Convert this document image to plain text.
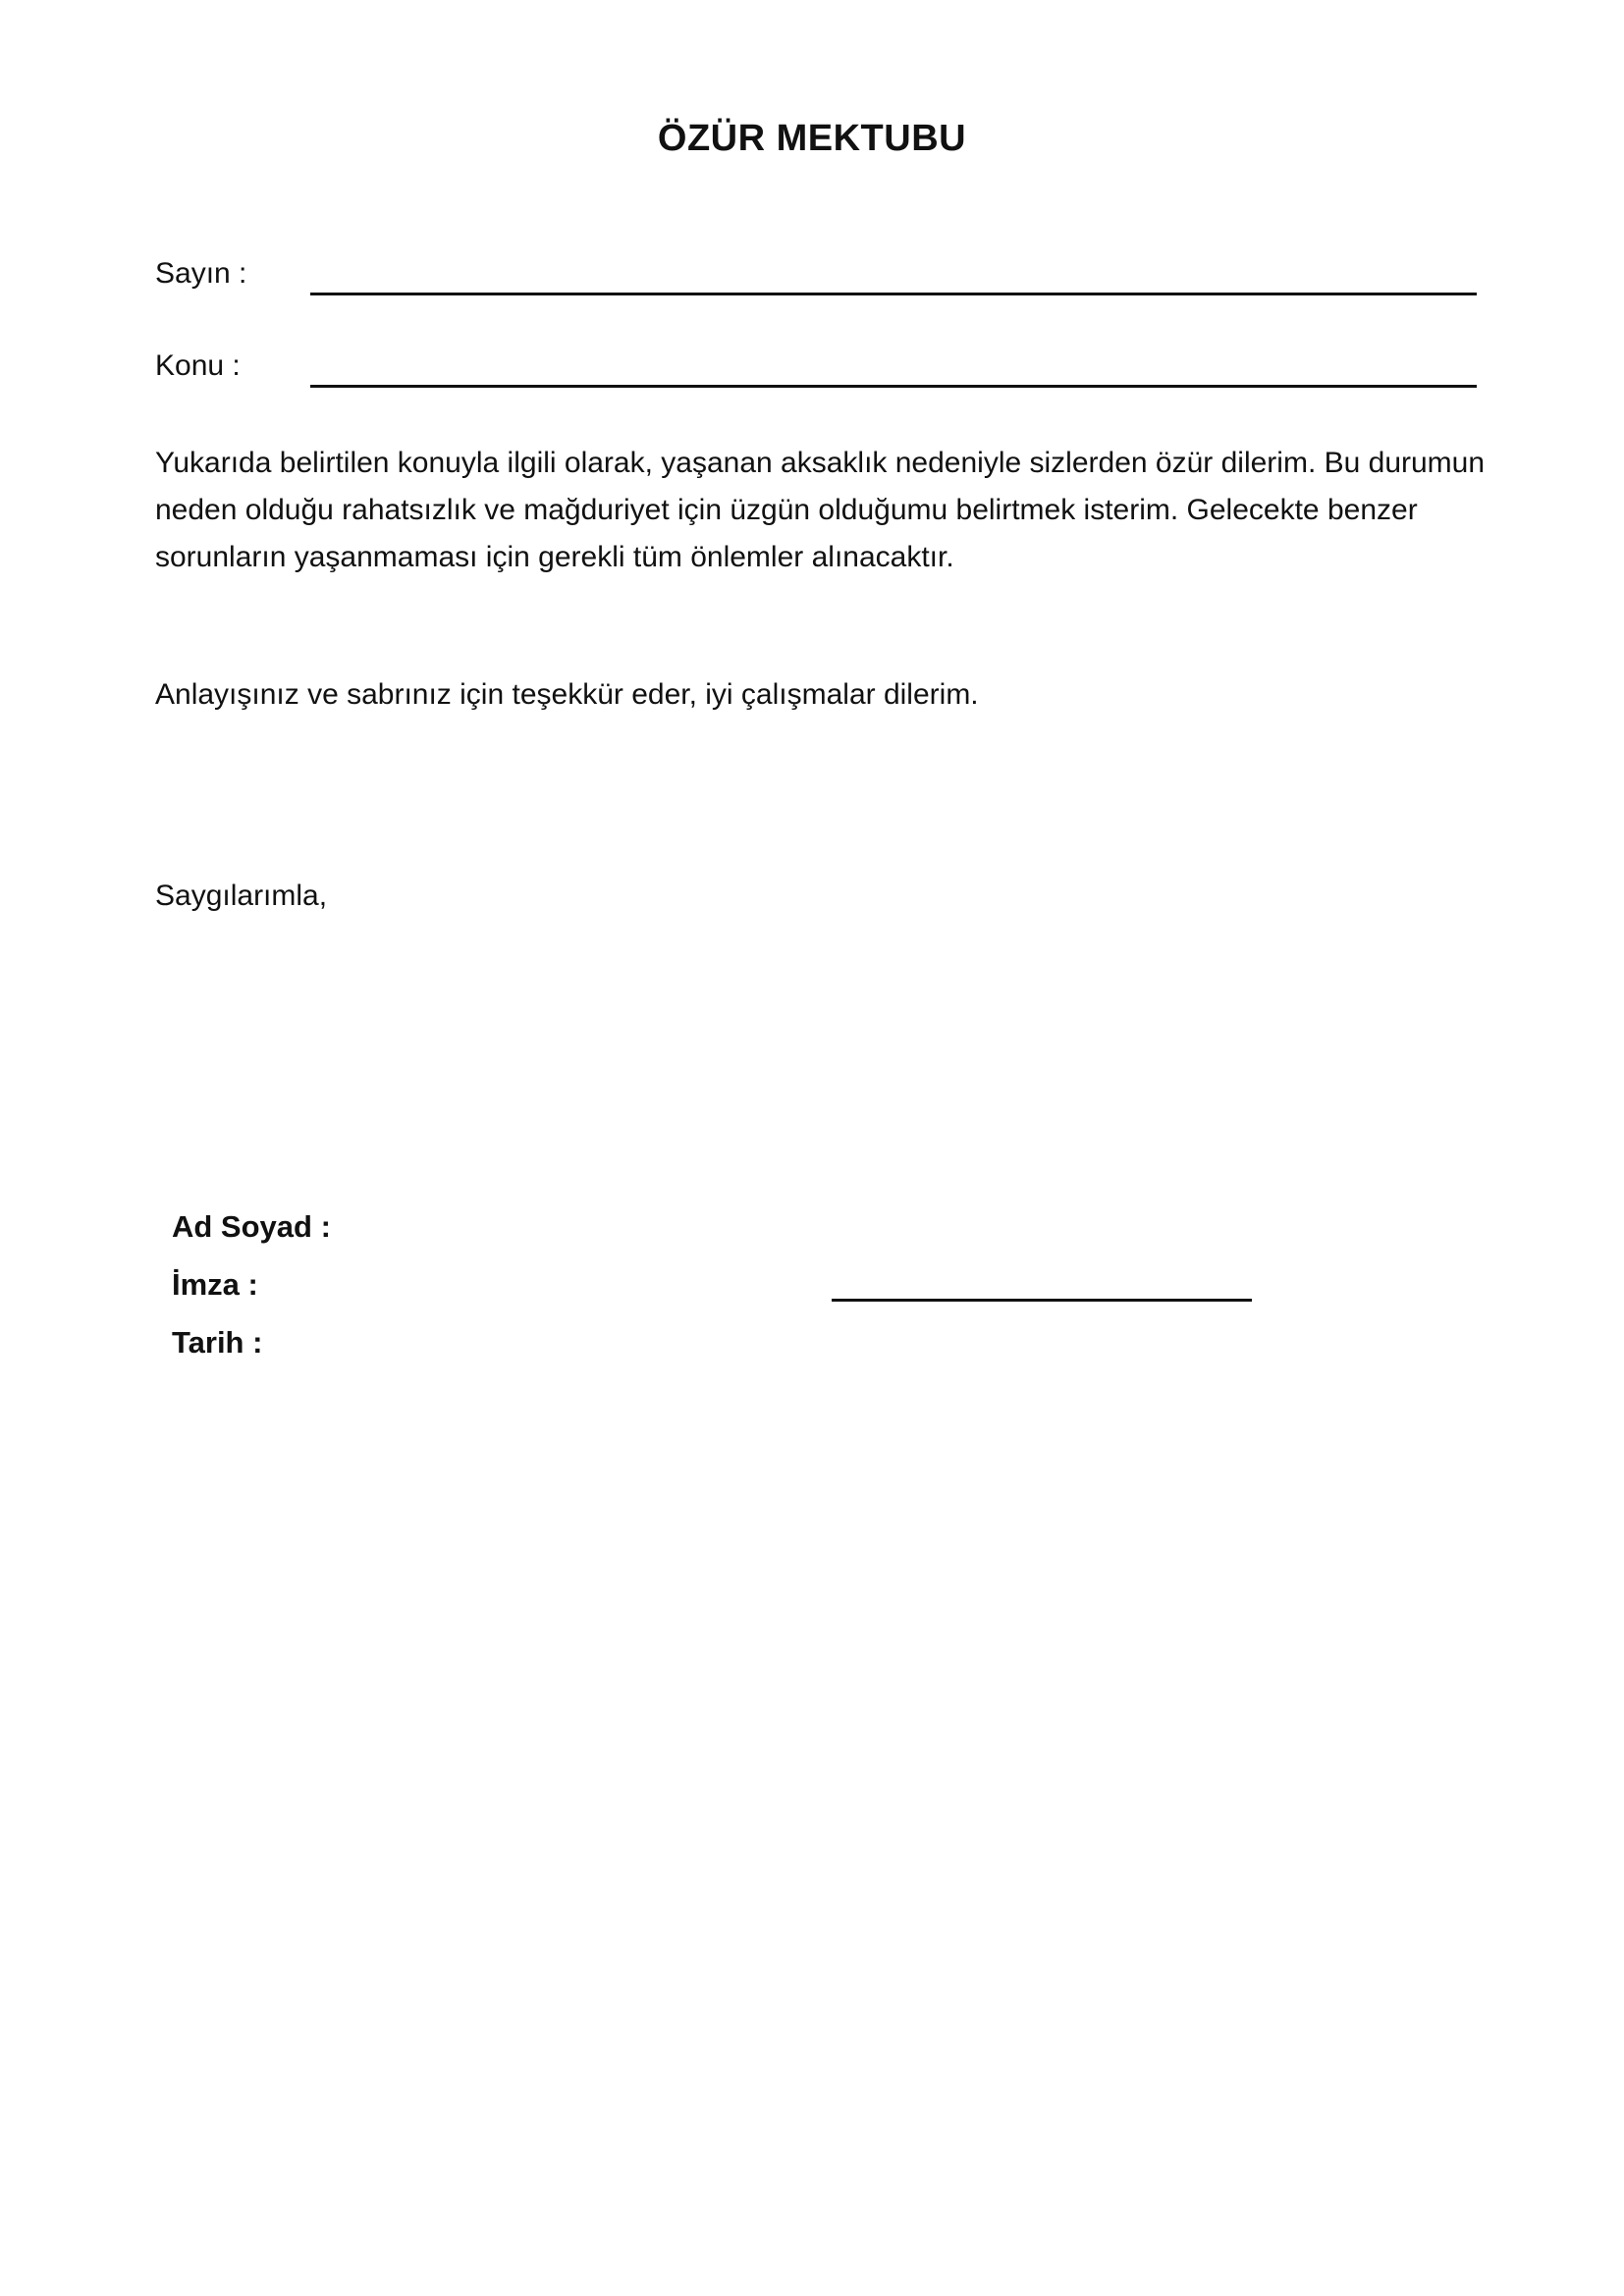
ÖZÜR MEKTUBU
Sayın :
Konu :
Yukarıda belirtilen konuyla ilgili olarak, yaşanan aksaklık nedeniyle sizlerden özür dilerim. Bu durumun neden olduğu rahatsızlık ve mağduriyet için üzgün olduğumu belirtmek isterim. Gelecekte benzer sorunların yaşanmaması için gerekli tüm önlemler alınacaktır.
Anlayışınız ve sabrınız için teşekkür eder, iyi çalışmalar dilerim.
Saygılarımla,
Ad Soyad :
İmza :
Tarih :
